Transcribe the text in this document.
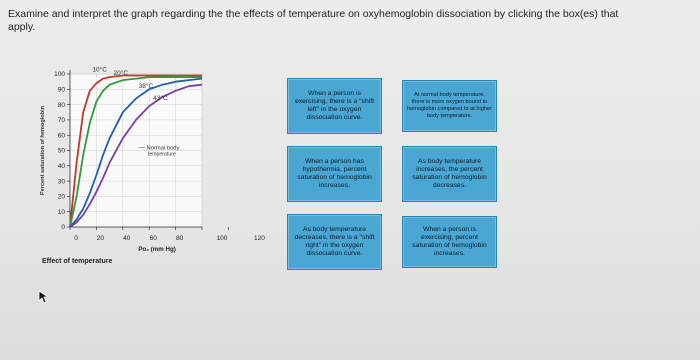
Examine and interpret the graph regarding the the effects of temperature on oxyhemoglobin dissociation by clicking the box(es) that apply.
0
10
20
30
40
50
60
70
80
90
100
0	20	40	60	80	100	120
Percent saturation of hemoglobin
Po₂ (mm Hg)
10°C
20°C
38°C
43°C
Normal body
temperature
Effect of temperature
When a person is exercising, there is a "shift left" in the oxygen dissociation curve.
At normal body temperature, there is more oxygen bound to hemoglobin compared to at higher body temperature.
When a person has hypothermia, percent saturation of hemoglobin increases.
As body temperature increases, the percent saturation of hemoglobin decreases.
As body temperature decreases, there is a "shift right" in the oxygen dissociation curve.
When a person is exercising, percent saturation of hemoglobin increases.
